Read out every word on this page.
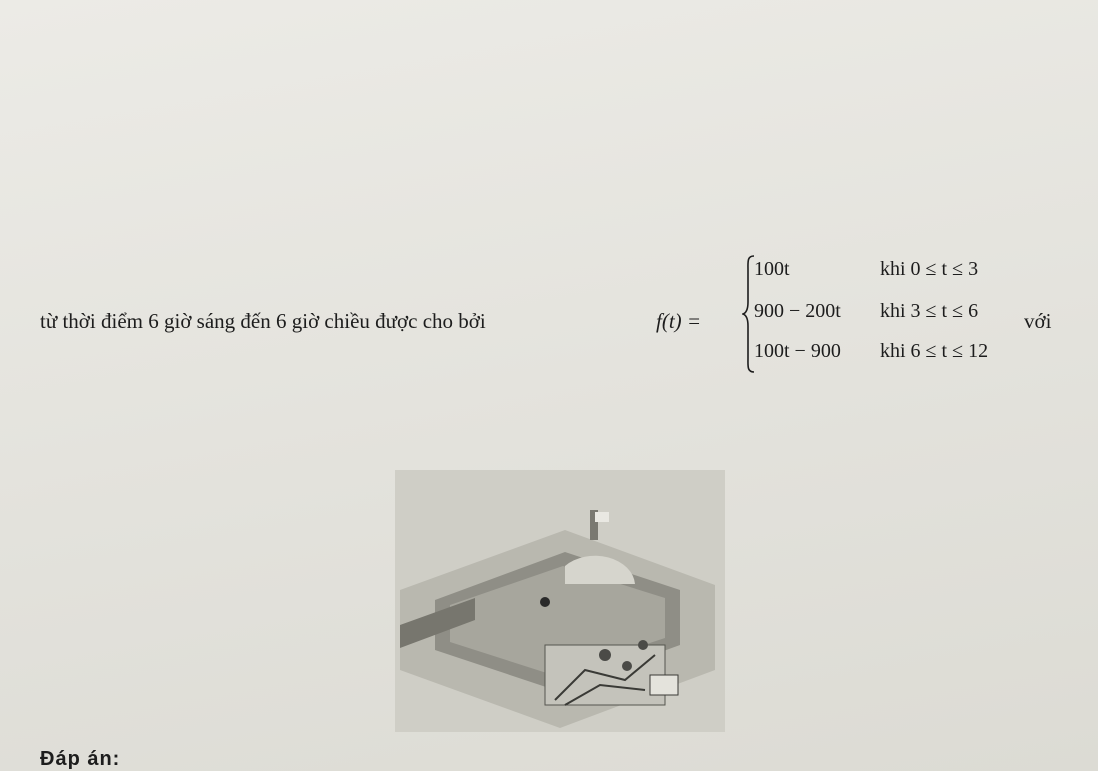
từ thời điểm 6 giờ sáng đến 6 giờ chiều được cho bởi	f(t) =
100t	khi 0 ≤ t ≤ 3
900 − 200t khi 3 ≤ t ≤ 6
100t − 900 khi 6 ≤ t ≤ 12
với
Đáp án:
